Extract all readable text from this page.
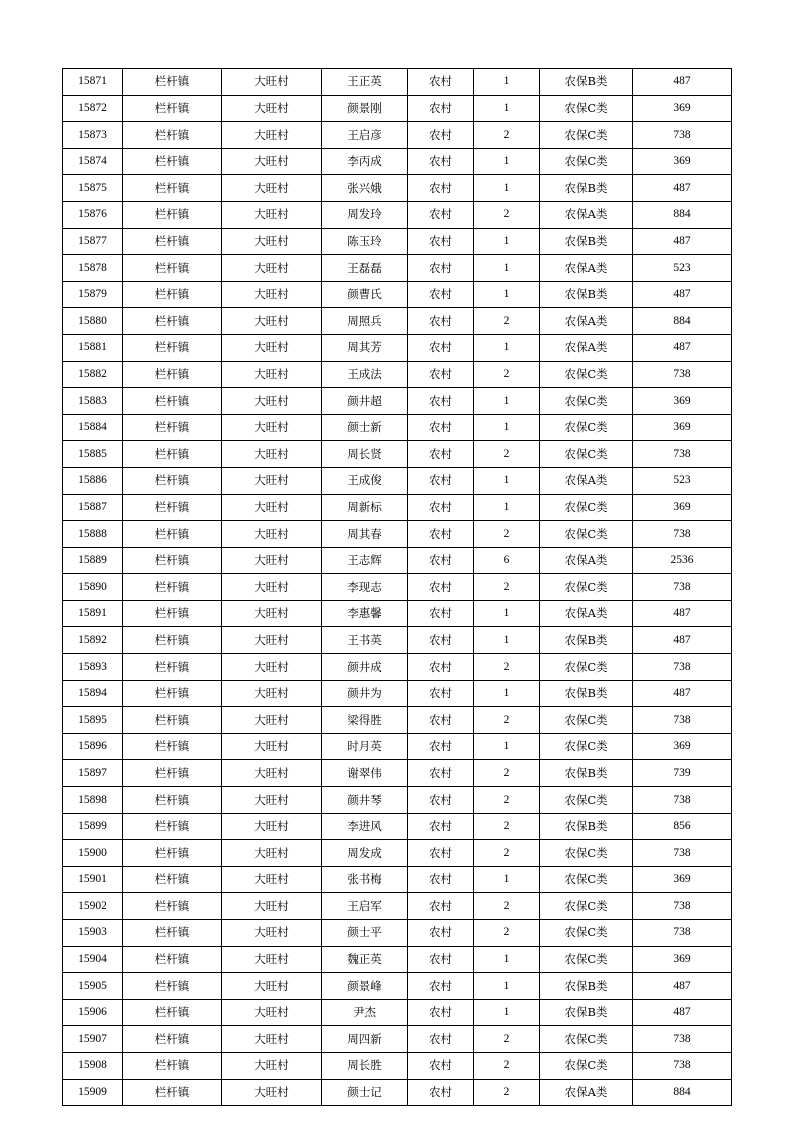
15871	栏杆镇	大旺村	王正英	农村	1	农保B类	487
15872	栏杆镇	大旺村	颜景刚	农村	1	农保C类	369
15873	栏杆镇	大旺村	王启彦	农村	2	农保C类	738
15874	栏杆镇	大旺村	李丙成	农村	1	农保C类	369
15875	栏杆镇	大旺村	张兴娥	农村	1	农保B类	487
15876	栏杆镇	大旺村	周发玲	农村	2	农保A类	884
15877	栏杆镇	大旺村	陈玉玲	农村	1	农保B类	487
15878	栏杆镇	大旺村	王磊磊	农村	1	农保A类	523
15879	栏杆镇	大旺村	颜曹氏	农村	1	农保B类	487
15880	栏杆镇	大旺村	周照兵	农村	2	农保A类	884
15881	栏杆镇	大旺村	周其芳	农村	1	农保A类	487
15882	栏杆镇	大旺村	王成法	农村	2	农保C类	738
15883	栏杆镇	大旺村	颜井超	农村	1	农保C类	369
15884	栏杆镇	大旺村	颜士新	农村	1	农保C类	369
15885	栏杆镇	大旺村	周长贤	农村	2	农保C类	738
15886	栏杆镇	大旺村	王成俊	农村	1	农保A类	523
15887	栏杆镇	大旺村	周新标	农村	1	农保C类	369
15888	栏杆镇	大旺村	周其春	农村	2	农保C类	738
15889	栏杆镇	大旺村	王志辉	农村	6	农保A类	2536
15890	栏杆镇	大旺村	李现志	农村	2	农保C类	738
15891	栏杆镇	大旺村	李惠馨	农村	1	农保A类	487
15892	栏杆镇	大旺村	王书英	农村	1	农保B类	487
15893	栏杆镇	大旺村	颜井成	农村	2	农保C类	738
15894	栏杆镇	大旺村	颜井为	农村	1	农保B类	487
15895	栏杆镇	大旺村	梁得胜	农村	2	农保C类	738
15896	栏杆镇	大旺村	时月英	农村	1	农保C类	369
15897	栏杆镇	大旺村	谢翠伟	农村	2	农保B类	739
15898	栏杆镇	大旺村	颜井琴	农村	2	农保C类	738
15899	栏杆镇	大旺村	李进风	农村	2	农保B类	856
15900	栏杆镇	大旺村	周发成	农村	2	农保C类	738
15901	栏杆镇	大旺村	张书梅	农村	1	农保C类	369
15902	栏杆镇	大旺村	王启军	农村	2	农保C类	738
15903	栏杆镇	大旺村	颜士平	农村	2	农保C类	738
15904	栏杆镇	大旺村	魏正英	农村	1	农保C类	369
15905	栏杆镇	大旺村	颜景峰	农村	1	农保B类	487
15906	栏杆镇	大旺村	尹杰	农村	1	农保B类	487
15907	栏杆镇	大旺村	周四新	农村	2	农保C类	738
15908	栏杆镇	大旺村	周长胜	农村	2	农保C类	738
15909	栏杆镇	大旺村	颜士记	农村	2	农保A类	884
